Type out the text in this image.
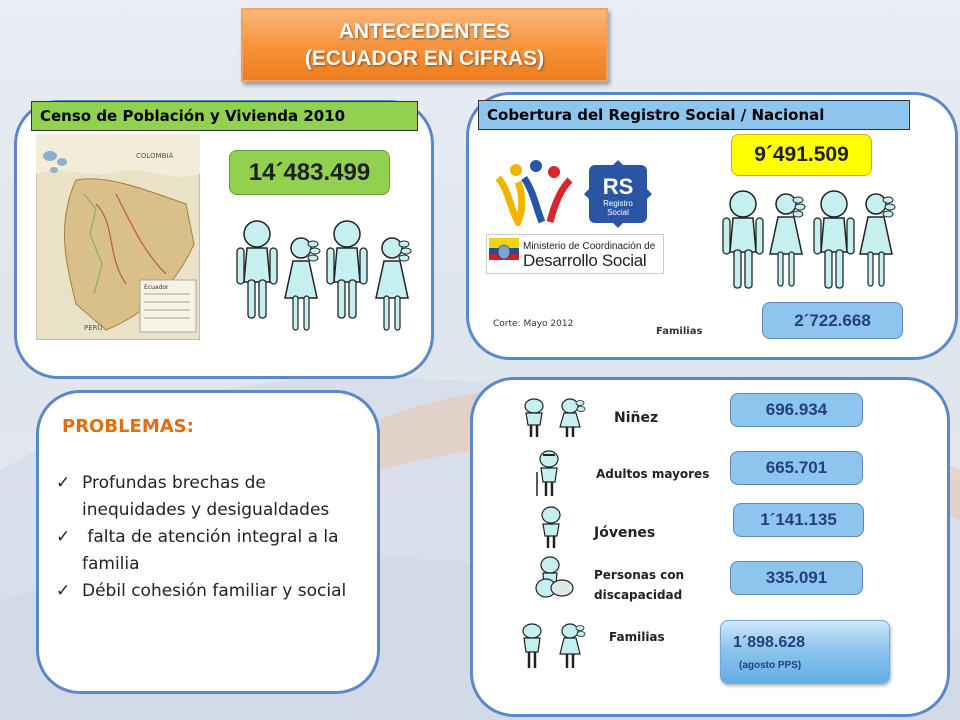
ANTECEDENTES
(ECUADOR EN CIFRAS)
Censo de Población y Vivienda 2010
Ecuador
COLOMBIA
PERU
14´483.499
Cobertura del Registro Social / Nacional
RS
Registro
Social
Ministerio de Coordinación de
Desarrollo Social
9´491.509
Corte: Mayo 2012
Familias
2´722.668
PROBLEMAS:
✓ Profundas brechas de inequidades y desigualdades
✓ falta de atención integral a la familia
✓ Débil cohesión familiar y social
Niñez
Adultos mayores
Jóvenes
Personas con discapacidad
Familias
696.934
665.701
1´141.135
335.091
1´898.628
(agosto PPS)
